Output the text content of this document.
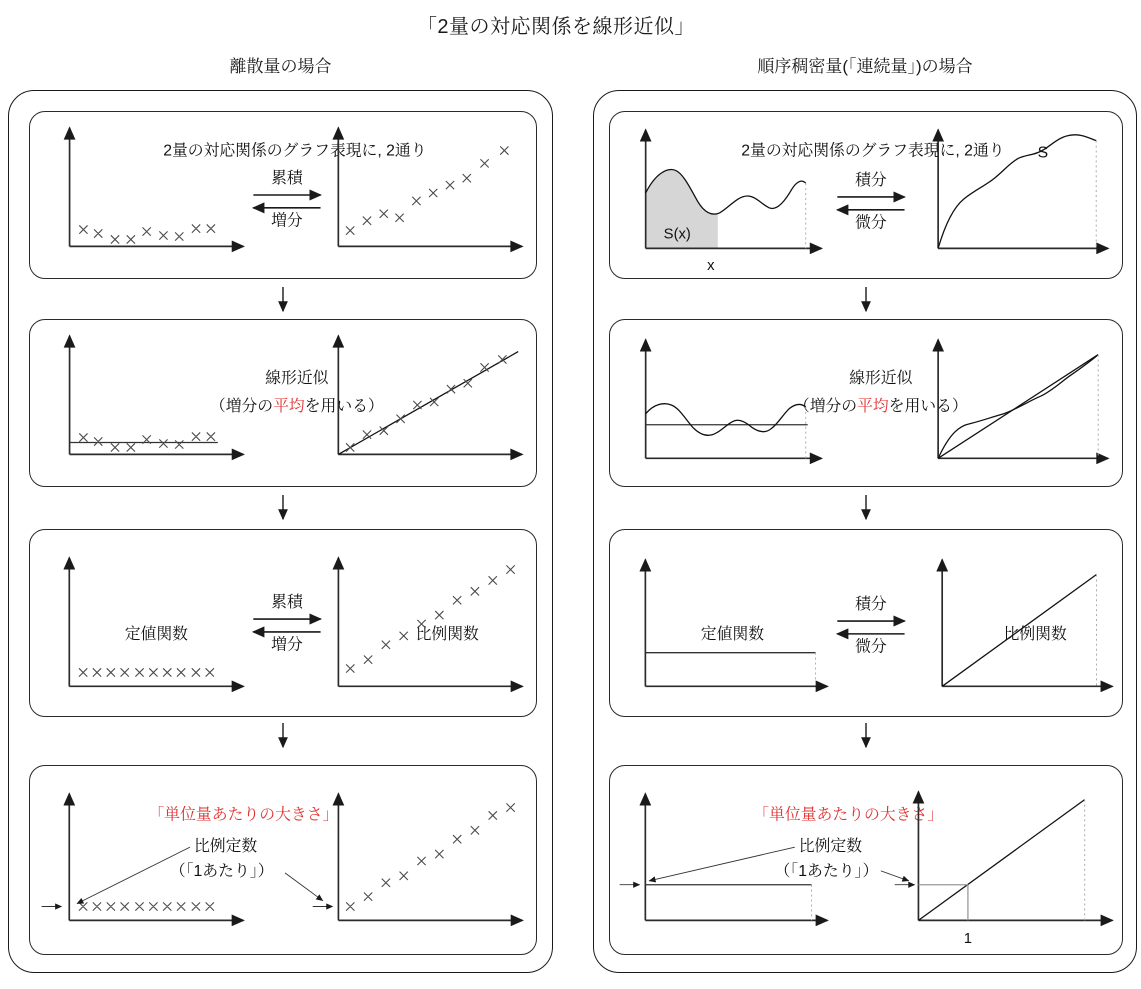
「2量の対応関係を線形近似」
離散量の場合	順序稠密量(「連続量」)の場合
2量の対応関係のグラフ表現に, 2通り
累積
増分
線形近似
（増分の平均を用いる）
定値関数
累積
増分
比例関数
「単位量あたりの大きさ」
比例定数
（「1あたり」）
S(x)
x
2量の対応関係のグラフ表現に, 2通り
積分
微分
S
線形近似
（増分の平均を用いる）
定値関数
積分
微分
比例関数
「単位量あたりの大きさ」
比例定数
（「1あたり」）
1
